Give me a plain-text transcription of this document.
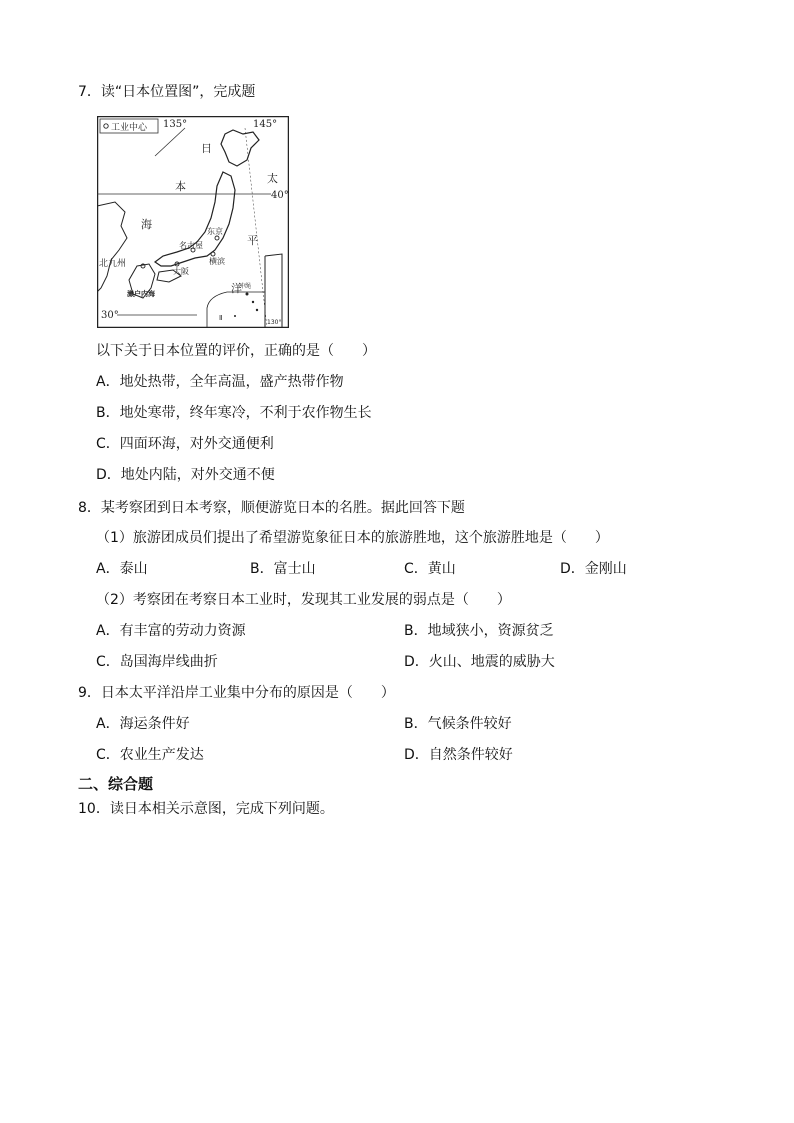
7．读“日本位置图”，完成题
工业中心 135°	145°
40°
30°
日
本
海
太
平
洋
东京
名古屋
大阪
横滨
北九州
濑户内海
冲绳
130°
Ⅱ
以下关于日本位置的评价，正确的是（　　）
A．地处热带，全年高温，盛产热带作物
B．地处寒带，终年寒冷，不利于农作物生长
C．四面环海，对外交通便利
D．地处内陆，对外交通不便
8．某考察团到日本考察，顺便游览日本的名胜。据此回答下题
（1）旅游团成员们提出了希望游览象征日本的旅游胜地，这个旅游胜地是（　　）
A．泰山	B．富士山	C．黄山	D．金刚山
（2）考察团在考察日本工业时，发现其工业发展的弱点是（　　）
A．有丰富的劳动力资源	B．地域狭小，资源贫乏
C．岛国海岸线曲折	D．火山、地震的威胁大
9．日本太平洋沿岸工业集中分布的原因是（　　）
A．海运条件好	B．气候条件较好
C．农业生产发达	D．自然条件较好
二、综合题
10．读日本相关示意图，完成下列问题。
